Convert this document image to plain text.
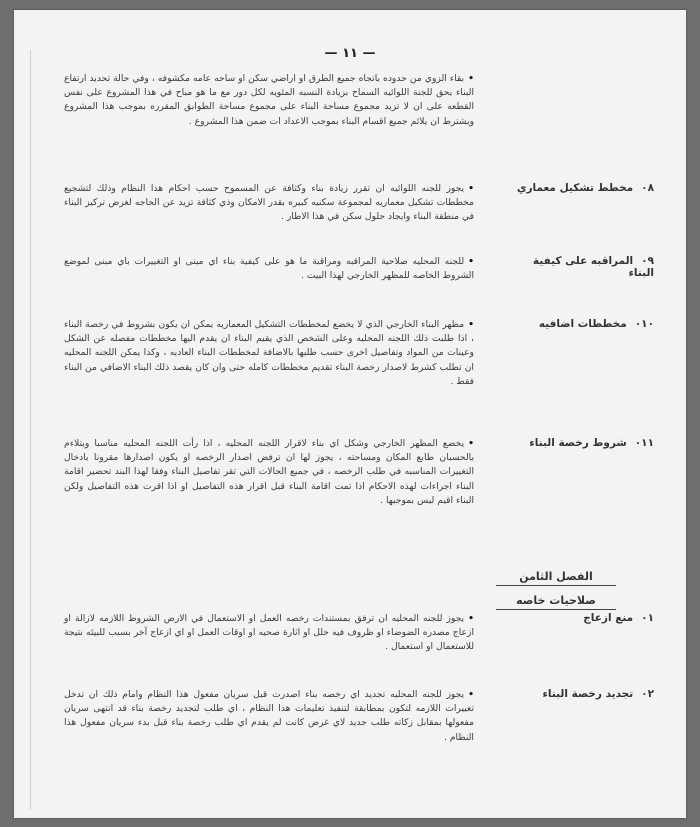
— ١١ —
•بقاء الزوي من حدوده باتجاه جميع الطرق او اراضي سكن او ساحه عامه مكشوفه ، وفي حالة تحديد ارتفاع البناء يحق للجنة اللوائيه السماح بزيادة النسبه المئويه لكل دور مع ما هو مباح في هذا المشروع على نفس القطعه على ان لا تزيد مجموع مساحة البناء على مجموع مساحة الطوابق المقرره بموجب هذا المشروع ويشترط ان يلائم جميع اقسام البناء بموجب الاعداد ات ضمن هذا المشروع .
٠٨مخطط تشكيل معماري
•يجوز للجنه اللوائيه ان تقرر زيادة بناء وكثافة عن المسموح حسب احكام هذا النظام وذلك لتشجيع مخططات تشكيل معماريه لمجموعة سكنيه كبيره بقدر الامكان وذي كثافة تزيد عن الحاجه لغرض تركيز البناء في منطقة البناء وايجاد حلول سكن في هذا الاطار .
٠٩المراقبه على كيفية البناء
•للجنه المحليه صلاحية المراقبه ومراقبة ما هو على كيفية بناء اي مبنى او التغييرات باي مبنى لموضع الشروط الخاصه للمظهر الخارجي لهذا البيت .
٠١٠مخططات اضافيه
•مظهر البناء الخارجي الذي لا يخضع لمخططات التشكيل المعماريه يمكن ان يكون بشروط في رخصة البناء ، اذا طلبت ذلك اللجنه المحليه وعلى الشخص الذي يقيم البناء ان يقدم اليها مخططات مفصله عن الشكل وعينات من المواد وتفاصيل اخرى حسب طلبها بالاضافة لمخططات البناء العاديه ، وكذا يمكن اللجنه المحليه ان تطلب كشرط لاصدار رخصة البناء تقديم مخططات كامله حتى وان كان يقصد ذلك البناء الاضافي من البناء فقط .
٠١١شروط رخصة البناء
•يخضع المظهر الخارجي وشكل اي بناء لاقرار اللجنه المحليه ، اذا رأت اللجنه المحليه مناسبا ويتلاءم بالحسبان طابع المكان ومساحته ، يجوز لها ان ترفض اصدار الرخصه او يكون اصدارها مقرونا بادخال التغييرات المناسبه في طلب الرخصه ، في جميع الحالات التي تقر تفاصيل البناء وفقا لهذا البند تحضير اقامة البناء اجراءات لهذه الاحكام اذا تمت اقامة البناء قبل اقرار هذه التفاصيل او اذا اقرت هذه التفاصيل ولكن البناء اقيم ليس بموجبها .
الفصل الثامن
صلاحيات خاصه
٠١منع ازعاج
•يجوز للجنه المحليه ان ترفق بمستندات رخصه العمل او الاستعمال في الارض الشروط اللازمه لازالة او ازعاج مصدره الضوضاء او ظروف فيه خلل او اثارة صحيه او اوقات العمل او اي ازعاج آخر بسبب للبيئه نتيجة للاستعمال او استعمال .
٠٢تجديد رخصة البناء
•يجوز للجنه المحليه تجديد اي رخصه بناء اصدرت قبل سريان مفعول هذا النظام وامام ذلك ان تدخل تغييرات اللازمه لتكون بمطابقة لتنفيذ تعليمات هذا النظام ، اي طلب لتجديد رخصة بناء قد انتهى سريان مفعولها بمقابل زكاته طلب جديد لاي غرض كانت لم يقدم اي طلب رخصة بناء قبل بدء سريان مفعول هذا النظام .
